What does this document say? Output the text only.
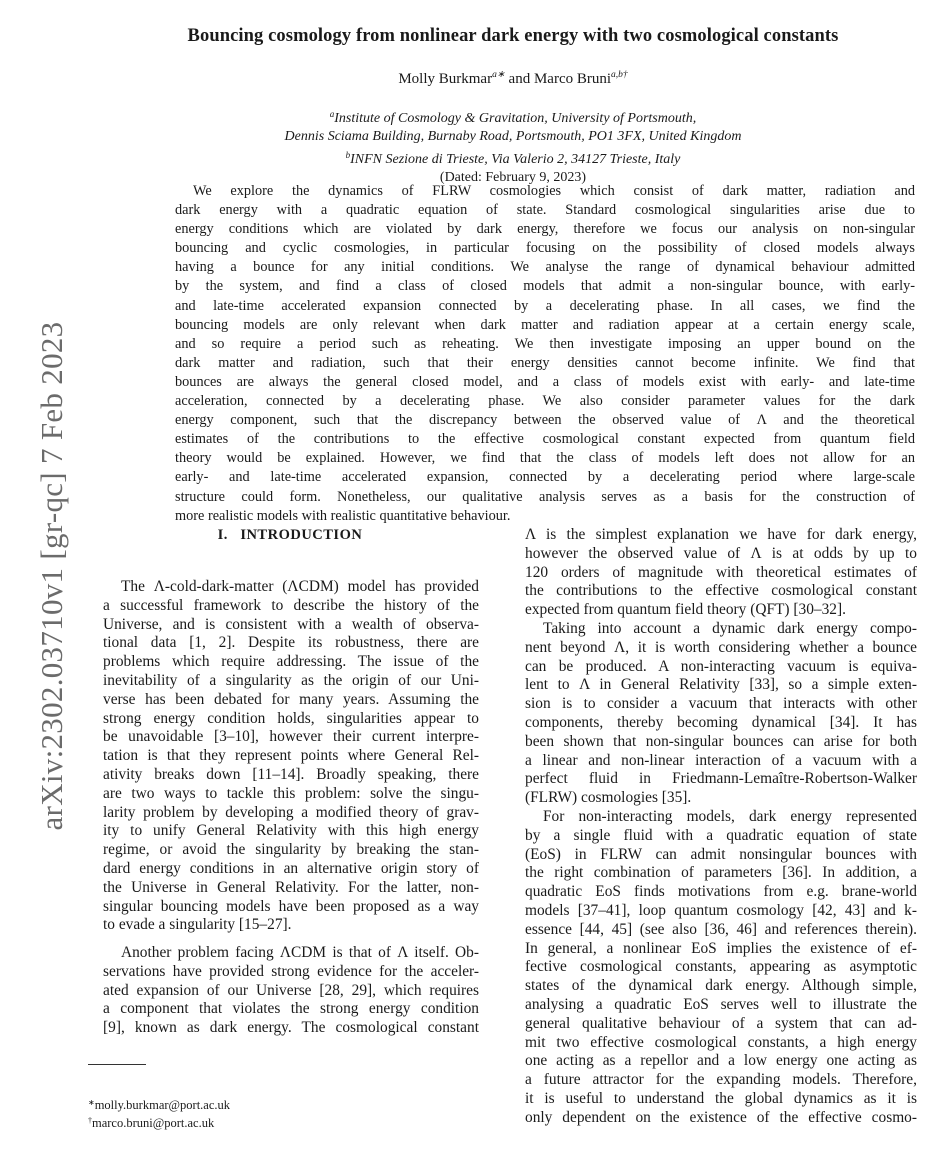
arXiv:2302.03710v1 [gr-qc] 7 Feb 2023
Bouncing cosmology from nonlinear dark energy with two cosmological constants
Molly Burkmar$^{a∗}$ and Marco Bruni$^{a,b\dagger}$
$^a$Institute of Cosmology & Gravitation, University of Portsmouth,
Dennis Sciama Building, Burnaby Road, Portsmouth, PO1 3FX, United Kingdom
$^b$INFN Sezione di Trieste, Via Valerio 2, 34127 Trieste, Italy
(Dated: February 9, 2023)
We explore the dynamics of FLRW cosmologies which consist of dark matter, radiation and
dark energy with a quadratic equation of state. Standard cosmological singularities arise due to
energy conditions which are violated by dark energy, therefore we focus our analysis on non-singular
bouncing and cyclic cosmologies, in particular focusing on the possibility of closed models always
having a bounce for any initial conditions. We analyse the range of dynamical behaviour admitted
by the system, and find a class of closed models that admit a non-singular bounce, with early-
and late-time accelerated expansion connected by a decelerating phase. In all cases, we find the
bouncing models are only relevant when dark matter and radiation appear at a certain energy scale,
and so require a period such as reheating. We then investigate imposing an upper bound on the
dark matter and radiation, such that their energy densities cannot become infinite. We find that
bounces are always the general closed model, and a class of models exist with early- and late-time
acceleration, connected by a decelerating phase. We also consider parameter values for the dark
energy component, such that the discrepancy between the observed value of Λ and the theoretical
estimates of the contributions to the effective cosmological constant expected from quantum field
theory would be explained. However, we find that the class of models left does not allow for an
early- and late-time accelerated expansion, connected by a decelerating period where large-scale
structure could form. Nonetheless, our qualitative analysis serves as a basis for the construction of
more realistic models with realistic quantitative behaviour.
I. INTRODUCTION
The Λ-cold-dark-matter (ΛCDM) model has provided
a successful framework to describe the history of the
Universe, and is consistent with a wealth of observa-
tional data [1, 2]. Despite its robustness, there are
problems which require addressing. The issue of the
inevitability of a singularity as the origin of our Uni-
verse has been debated for many years. Assuming the
strong energy condition holds, singularities appear to
be unavoidable [3–10], however their current interpre-
tation is that they represent points where General Rel-
ativity breaks down [11–14]. Broadly speaking, there
are two ways to tackle this problem: solve the singu-
larity problem by developing a modified theory of grav-
ity to unify General Relativity with this high energy
regime, or avoid the singularity by breaking the stan-
dard energy conditions in an alternative origin story of
the Universe in General Relativity. For the latter, non-
singular bouncing models have been proposed as a way
to evade a singularity [15–27].
Another problem facing ΛCDM is that of Λ itself. Ob-
servations have provided strong evidence for the acceler-
ated expansion of our Universe [28, 29], which requires
a component that violates the strong energy condition
[9], known as dark energy. The cosmological constant
Λ is the simplest explanation we have for dark energy,
however the observed value of Λ is at odds by up to
120 orders of magnitude with theoretical estimates of
the contributions to the effective cosmological constant
expected from quantum field theory (QFT) [30–32].
Taking into account a dynamic dark energy compo-
nent beyond Λ, it is worth considering whether a bounce
can be produced. A non-interacting vacuum is equiva-
lent to Λ in General Relativity [33], so a simple exten-
sion is to consider a vacuum that interacts with other
components, thereby becoming dynamical [34]. It has
been shown that non-singular bounces can arise for both
a linear and non-linear interaction of a vacuum with a
perfect fluid in Friedmann-Lemaître-Robertson-Walker
(FLRW) cosmologies [35].
For non-interacting models, dark energy represented
by a single fluid with a quadratic equation of state
(EoS) in FLRW can admit nonsingular bounces with
the right combination of parameters [36]. In addition, a
quadratic EoS finds motivations from e.g. brane-world
models [37–41], loop quantum cosmology [42, 43] and k-
essence [44, 45] (see also [36, 46] and references therein).
In general, a nonlinear EoS implies the existence of ef-
fective cosmological constants, appearing as asymptotic
states of the dynamical dark energy. Although simple,
analysing a quadratic EoS serves well to illustrate the
general qualitative behaviour of a system that can ad-
mit two effective cosmological constants, a high energy
one acting as a repellor and a low energy one acting as
a future attractor for the expanding models. Therefore,
it is useful to understand the global dynamics as it is
only dependent on the existence of the effective cosmo-
∗molly.burkmar@port.ac.uk
†marco.bruni@port.ac.uk
